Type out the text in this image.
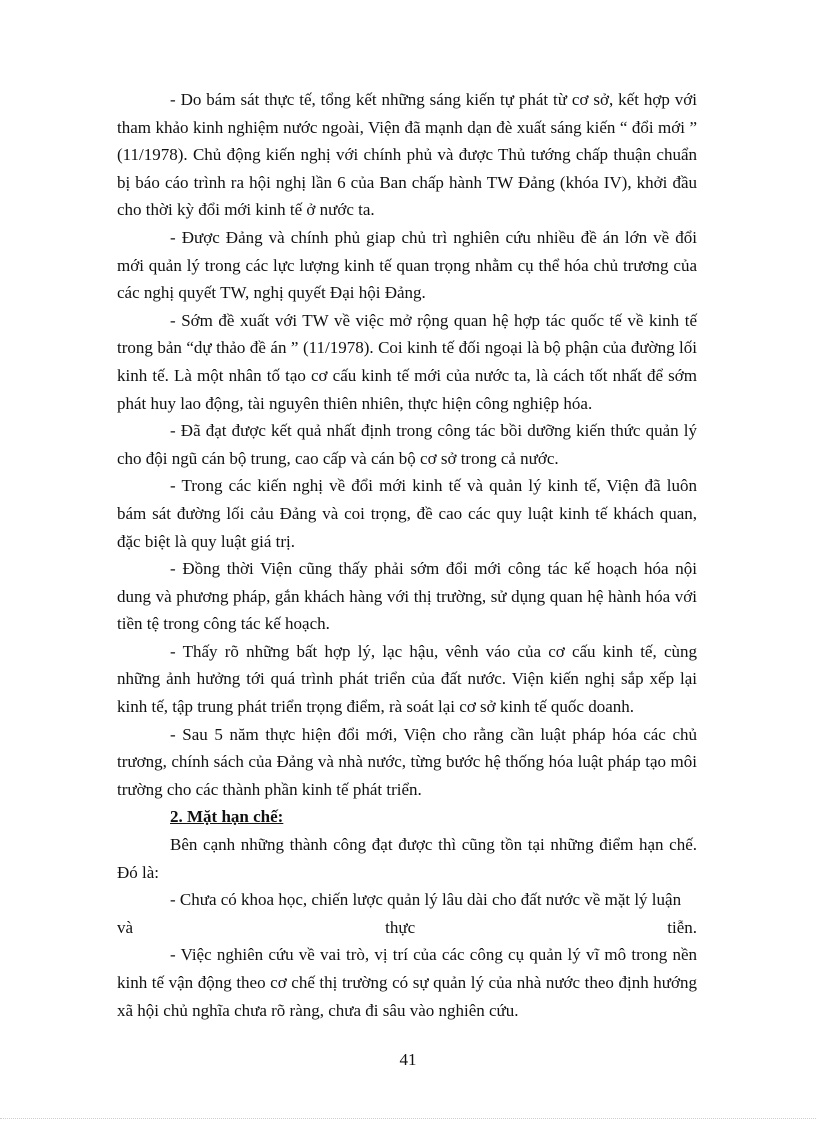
- Do bám sát thực tế, tổng kết những sáng kiến tự phát từ cơ sở, kết hợp với tham khảo kinh nghiệm nước ngoài, Viện đã mạnh dạn đè xuất sáng kiến “ đổi mới ” (11/1978). Chủ động kiến nghị với chính phủ và được Thủ tướng chấp thuận chuẩn bị báo cáo trình ra hội nghị lần 6 của Ban chấp hành TW Đảng (khóa IV), khởi đầu cho thời kỳ đổi mới kinh tế ở nước ta.

- Được Đảng và chính phủ giap chủ trì nghiên cứu nhiều đề án lớn về đổi mới quản lý trong các lực lượng kinh tế quan trọng nhằm cụ thể hóa chủ trương của các nghị quyết TW, nghị quyết Đại hội Đảng.

- Sớm đề xuất với TW về việc mở rộng quan hệ hợp tác quốc tế về kinh tế trong bản “dự thảo đề án ” (11/1978). Coi kinh tế đối ngoại là bộ phận của đường lối kinh tế. Là một nhân tố tạo cơ cấu kinh tế mới của nước ta, là cách tốt nhất để sớm phát huy lao động, tài nguyên thiên nhiên, thực hiện công nghiệp hóa.

- Đã đạt được kết quả nhất định trong công tác bồi dưỡng kiến thức quản lý cho đội ngũ cán bộ trung, cao cấp và cán bộ cơ sở trong cả nước.

- Trong các kiến nghị về đổi mới kinh tế và quản lý kinh tế, Viện đã luôn bám sát đường lối cảu Đảng và coi trọng, đề cao các quy luật kinh tế khách quan, đặc biệt là quy luật giá trị.

- Đồng thời Viện cũng thấy phải sớm đổi mới công tác kế hoạch hóa nội dung và phương pháp, gắn khách hàng với thị trường, sử dụng quan hệ hành hóa với tiền tệ trong công tác kế hoạch.

- Thấy rõ những bất hợp lý, lạc hậu, vênh váo của cơ cấu kinh tế, cùng những ảnh hưởng tới quá trình phát triển của đất nước. Viện kiến nghị sắp xếp lại kinh tế, tập trung phát triển trọng điểm, rà soát lại cơ sở kinh tế quốc doanh.

- Sau 5 năm thực hiện đổi mới, Viện cho rằng cần luật pháp hóa các chủ trương, chính sách của Đảng và nhà nước, từng bước hệ thống hóa luật pháp tạo môi trường cho các thành phần kinh tế phát triển.

2. Mặt hạn chế:

Bên cạnh những thành công đạt được thì cũng tồn tại những điểm hạn chế. Đó là:

- Chưa có khoa học, chiến lược quản lý lâu dài cho đất nước về mặt lý luận

và	thực	tiễn.

- Việc nghiên cứu về vai trò, vị trí của các công cụ quản lý vĩ mô trong nền kinh tế vận động theo cơ chế thị trường có sự quản lý của nhà nước theo định hướng xã hội chủ nghĩa chưa rõ ràng, chưa đi sâu vào nghiên cứu.

41
